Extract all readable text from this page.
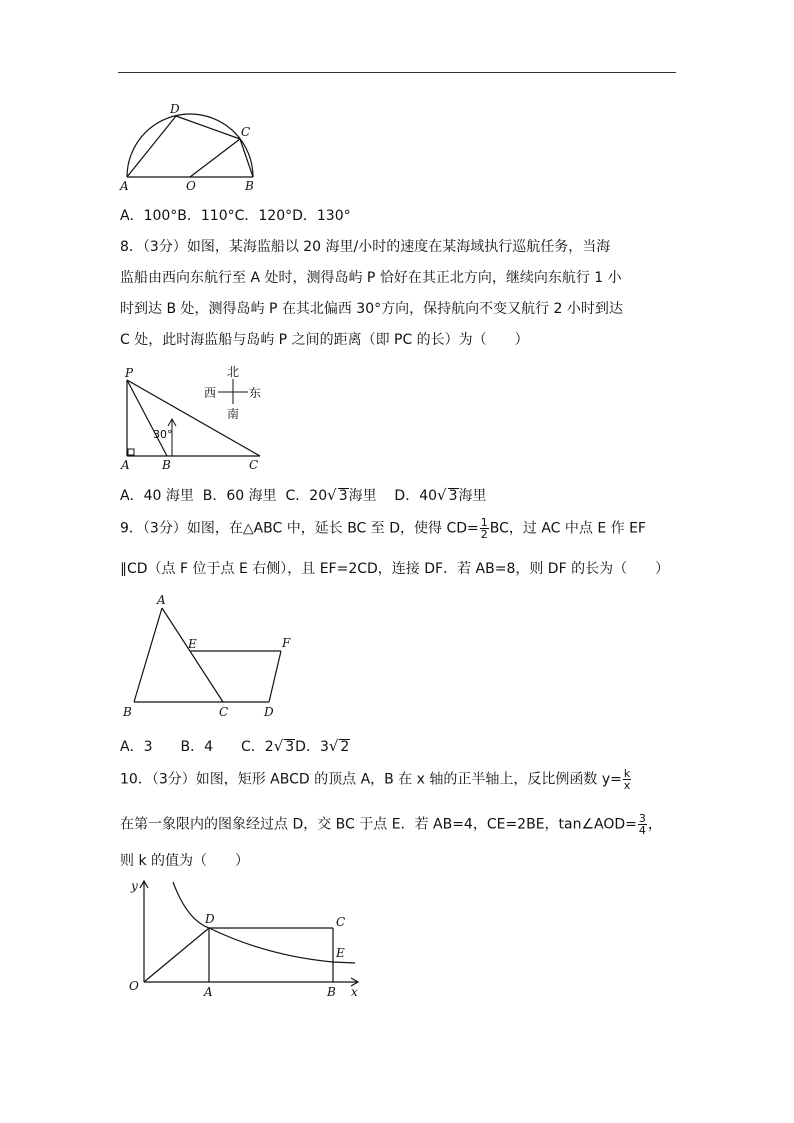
D
C
A	O	B
A．100°B．110°C．120°D．130°
8．（3分）如图，某海监船以 20 海里/小时的速度在某海域执行巡航任务，当海
监船由西向东航行至 A 处时，测得岛屿 P 恰好在其正北方向，继续向东航行 1 小
时到达 B 处，测得岛屿 P 在其北偏西 30°方向，保持航向不变又航行 2 小时到达
C 处，此时海监船与岛屿 P 之间的距离（即 PC 的长）为（　　）
30°
P
A	B	C
北
南
西	东
A．40 海里 B．60 海里 C．20√ 3海里 D．40√ 3海里
9．（3分）如图，在△ABC 中，延长 BC 至 D，使得 $CD= \frac{1}{2}$ BC，过 AC 中点 E 作 EF
∥CD（点 F 位于点 E 右侧），且 EF=2CD，连接 DF．若 AB=8，则 DF 的长为（　　）
A
E	F
B	C	D
A．3　　B．4　　C．2√ 3D．3√ 2
10．（3分）如图，矩形 ABCD 的顶点 A，B 在 x 轴的正半轴上，反比例函数 $y= \frac{k}{x}$
在第一象限内的图象经过点 D，交 BC 于点 E．若 AB=4，CE=2BE，tan∠AOD= $\frac{3}{4}$ ，
则 k 的值为（　　）
y
x
O	A	B
C
D
E
